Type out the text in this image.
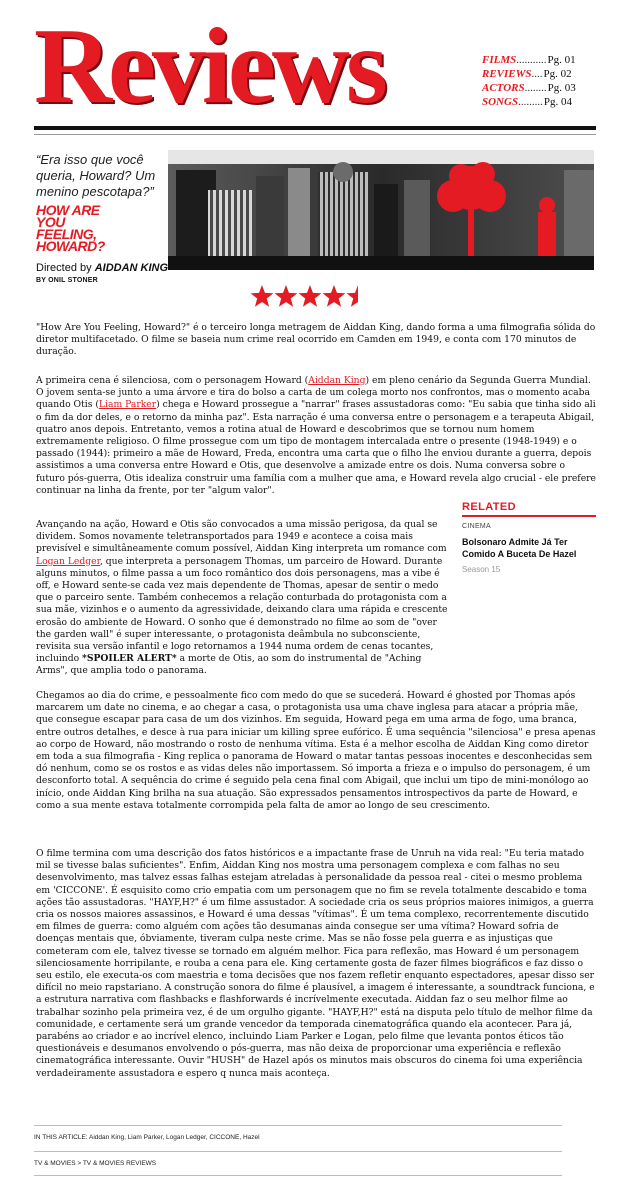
Reviews	FILMS ........... Pg. 01
REVIEWS .... Pg. 02
ACTORS ........ Pg. 03
SONGS ......... Pg. 04
“Era isso que você queria, Howard? Um menino pescotapa?”
HOW ARE
YOU
FEELING,
HOWARD?
Directed by AIDDAN KING
BY ONIL STONER
"How Are You Feeling, Howard?" é o terceiro longa metragem de Aiddan King, dando forma a uma filmografia sólida do diretor multifacetado. O filme se baseia num crime real ocorrido em Camden em 1949, e conta com 170 minutos de duração.
A primeira cena é silenciosa, com o personagem Howard (Aiddan King) em pleno cenário da Segunda Guerra Mundial. O jovem senta-se junto a uma árvore e tira do bolso a carta de um colega morto nos confrontos, mas o momento acaba quando Otis (Liam Parker) chega e Howard prossegue a "narrar" frases assustadoras como: "Eu sabia que tinha sido ali o fim da dor deles, e o retorno da minha paz". Esta narração é uma conversa entre o personagem e a terapeuta Abigail, quatro anos depois. Entretanto, vemos a rotina atual de Howard e descobrimos que se tornou num homem extremamente religioso. O filme prossegue com um tipo de montagem intercalada entre o presente (1948-1949) e o passado (1944): primeiro a mãe de Howard, Freda, encontra uma carta que o filho lhe enviou durante a guerra, depois assistimos a uma conversa entre Howard e Otis, que desenvolve a amizade entre os dois. Numa conversa sobre o futuro pós-guerra, Otis idealiza construir uma família com a mulher que ama, e Howard revela algo crucial - ele prefere continuar na linha da frente, por ter "algum valor".
RELATED
CINEMA
Bolsonaro Admite Já Ter Comido A Buceta De Hazel
Season 15
Avançando na ação, Howard e Otis são convocados a uma missão perigosa, da qual se dividem. Somos novamente teletransportados para 1949 e acontece a coisa mais previsível e simultâneamente comum possível, Aiddan King interpreta um romance com Logan Ledger, que interpreta a personagem Thomas, um parceiro de Howard. Durante alguns minutos, o filme passa a um foco romântico dos dois personagens, mas a vibe é off, e Howard sente-se cada vez mais dependente de Thomas, apesar de sentir o medo que o parceiro sente. Também conhecemos a relação conturbada do protagonista com a sua mãe, vizinhos e o aumento da agressividade, deixando clara uma rápida e crescente erosão do ambiente de Howard. O sonho que é demonstrado no filme ao som de "over the garden wall" é super interessante, o protagonista deâmbula no subconsciente, revisita sua versão infantil e logo retornamos a 1944 numa ordem de cenas tocantes, incluindo *SPOILER ALERT* a morte de Otis, ao som do instrumental de "Aching Arms", que amplia todo o panorama.
Chegamos ao dia do crime, e pessoalmente fico com medo do que se sucederá. Howard é ghosted por Thomas após marcarem um date no cinema, e ao chegar a casa, o protagonista usa uma chave inglesa para atacar a própria mãe, que consegue escapar para casa de um dos vizinhos. Em seguida, Howard pega em uma arma de fogo, uma branca, entre outros detalhes, e desce à rua para iniciar um killing spree eufórico. É uma sequência "silenciosa" e presa apenas ao corpo de Howard, não mostrando o rosto de nenhuma vítima. Esta é a melhor escolha de Aiddan King como diretor em toda a sua filmografia - King replica o panorama de Howard o matar tantas pessoas inocentes e desconhecidas sem dó nenhum, como se os rostos e as vidas deles não importassem. Só importa a frieza e o impulso do personagem, é um desconforto total. A sequência do crime é seguido pela cena final com Abigail, que inclui um tipo de mini-monólogo ao início, onde Aiddan King brilha na sua atuação. São expressados pensamentos introspectivos da parte de Howard, e como a sua mente estava totalmente corrompida pela falta de amor ao longo de seu crescimento.
O filme termina com uma descrição dos fatos históricos e a impactante frase de Unruh na vida real: "Eu teria matado mil se tivesse balas suficientes". Enfim, Aiddan King nos mostra uma personagem complexa e com falhas no seu desenvolvimento, mas talvez essas falhas estejam atreladas à personalidade da pessoa real - citei o mesmo problema em 'CICCONE'. É esquisito como crio empatia com um personagem que no fim se revela totalmente descabido e toma ações tão assustadoras. "HAYF,H?" é um filme assustador. A sociedade cria os seus próprios maiores inimigos, a guerra cria os nossos maiores assassinos, e Howard é uma dessas "vítimas". É um tema complexo, recorrentemente discutido em filmes de guerra: como alguém com ações tão desumanas ainda consegue ser uma vítima? Howard sofria de doenças mentais que, óbviamente, tiveram culpa neste crime. Mas se não fosse pela guerra e as injustiças que cometeram com ele, talvez tivesse se tornado em alguém melhor. Fica para reflexão, mas Howard é um personagem silenciosamente horripilante, e rouba a cena para ele. King certamente gosta de fazer filmes biográficos e faz disso o seu estilo, ele executa-os com maestria e toma decisões que nos fazem refletir enquanto espectadores, apesar disso ser difícil no meio rapstariano. A construção sonora do filme é plausível, a imagem é interessante, a soundtrack funciona, e a estrutura narrativa com flashbacks e flashforwards é incrívelmente executada. Aiddan faz o seu melhor filme ao trabalhar sozinho pela primeira vez, é de um orgulho gigante. "HAYF,H?" está na disputa pelo título de melhor filme da comunidade, e certamente será um grande vencedor da temporada cinematográfica quando ela acontecer. Para já, parabéns ao criador e ao incrível elenco, incluindo Liam Parker e Logan, pelo filme que levanta pontos éticos tão questionáveis e desumanos envolvendo o pós-guerra, mas não deixa de proporcionar uma experiência e reflexão cinematográfica interessante. Ouvir "HUSH" de Hazel após os minutos mais obscuros do cinema foi uma experiência verdadeiramente assustadora e espero q nunca mais aconteça.
IN THIS ARTICLE: Aiddan King, Liam Parker, Logan Ledger, CICCONE, Hazel
TV & MOVIES > TV & MOVIES REVIEWS
